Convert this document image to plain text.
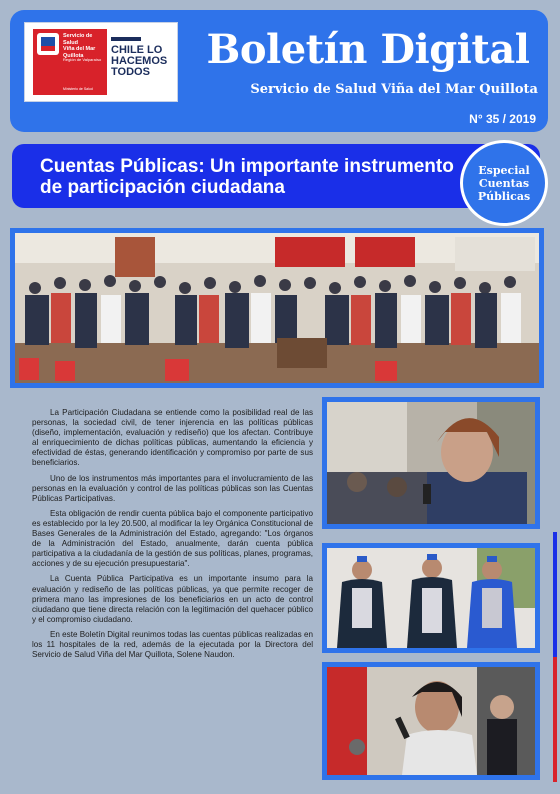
Servicio de Salud
Viña del Mar
Quillota
Región de Valparaíso
Ministerio de Salud
CHILE LO HACEMOS TODOS	Boletín Digital
Servicio de Salud Viña del Mar Quillota
N° 35 / 2019
Cuentas Públicas: Un importante instrumento de participación ciudadana
Especial
Cuentas
Públicas

La Participación Ciudadana se entiende como la posibilidad real de las personas, la sociedad civil, de tener injerencia en las políticas públicas (diseño, implementación, evaluación y rediseño) que los afectan. Contribuye al enriquecimiento de dichas políticas públicas, aumentando la eficiencia y efectividad de éstas, generando identificación y compromiso por parte de sus beneficiarios.

Uno de los instrumentos más importantes para el involucramiento de las personas en la evaluación y control de las políticas públicas son las Cuentas Públicas Participativas.

Esta obligación de rendir cuenta pública bajo el componente participativo es establecido por la ley 20.500, al modificar la ley Orgánica Constitucional de Bases Generales de la Administración del Estado, agregando: "Los órganos de la Administración del Estado, anualmente, darán cuenta pública participativa a la ciudadanía de la gestión de sus políticas, planes, programas, acciones y de su ejecución presupuestaria".

La Cuenta Pública Participativa es un importante insumo para la evaluación y rediseño de las políticas públicas, ya que permite recoger de primera mano las impresiones de los beneficiarios en un acto de control ciudadano que tiene directa relación con la legitimación del quehacer público y el compromiso ciudadano.

En este Boletín Digital reunimos todas las cuentas públicas realizadas en los 11 hospitales de la red, además de la ejecutada por la Directora del Servicio de Salud Viña del Mar Quillota, Solene Naudon.
